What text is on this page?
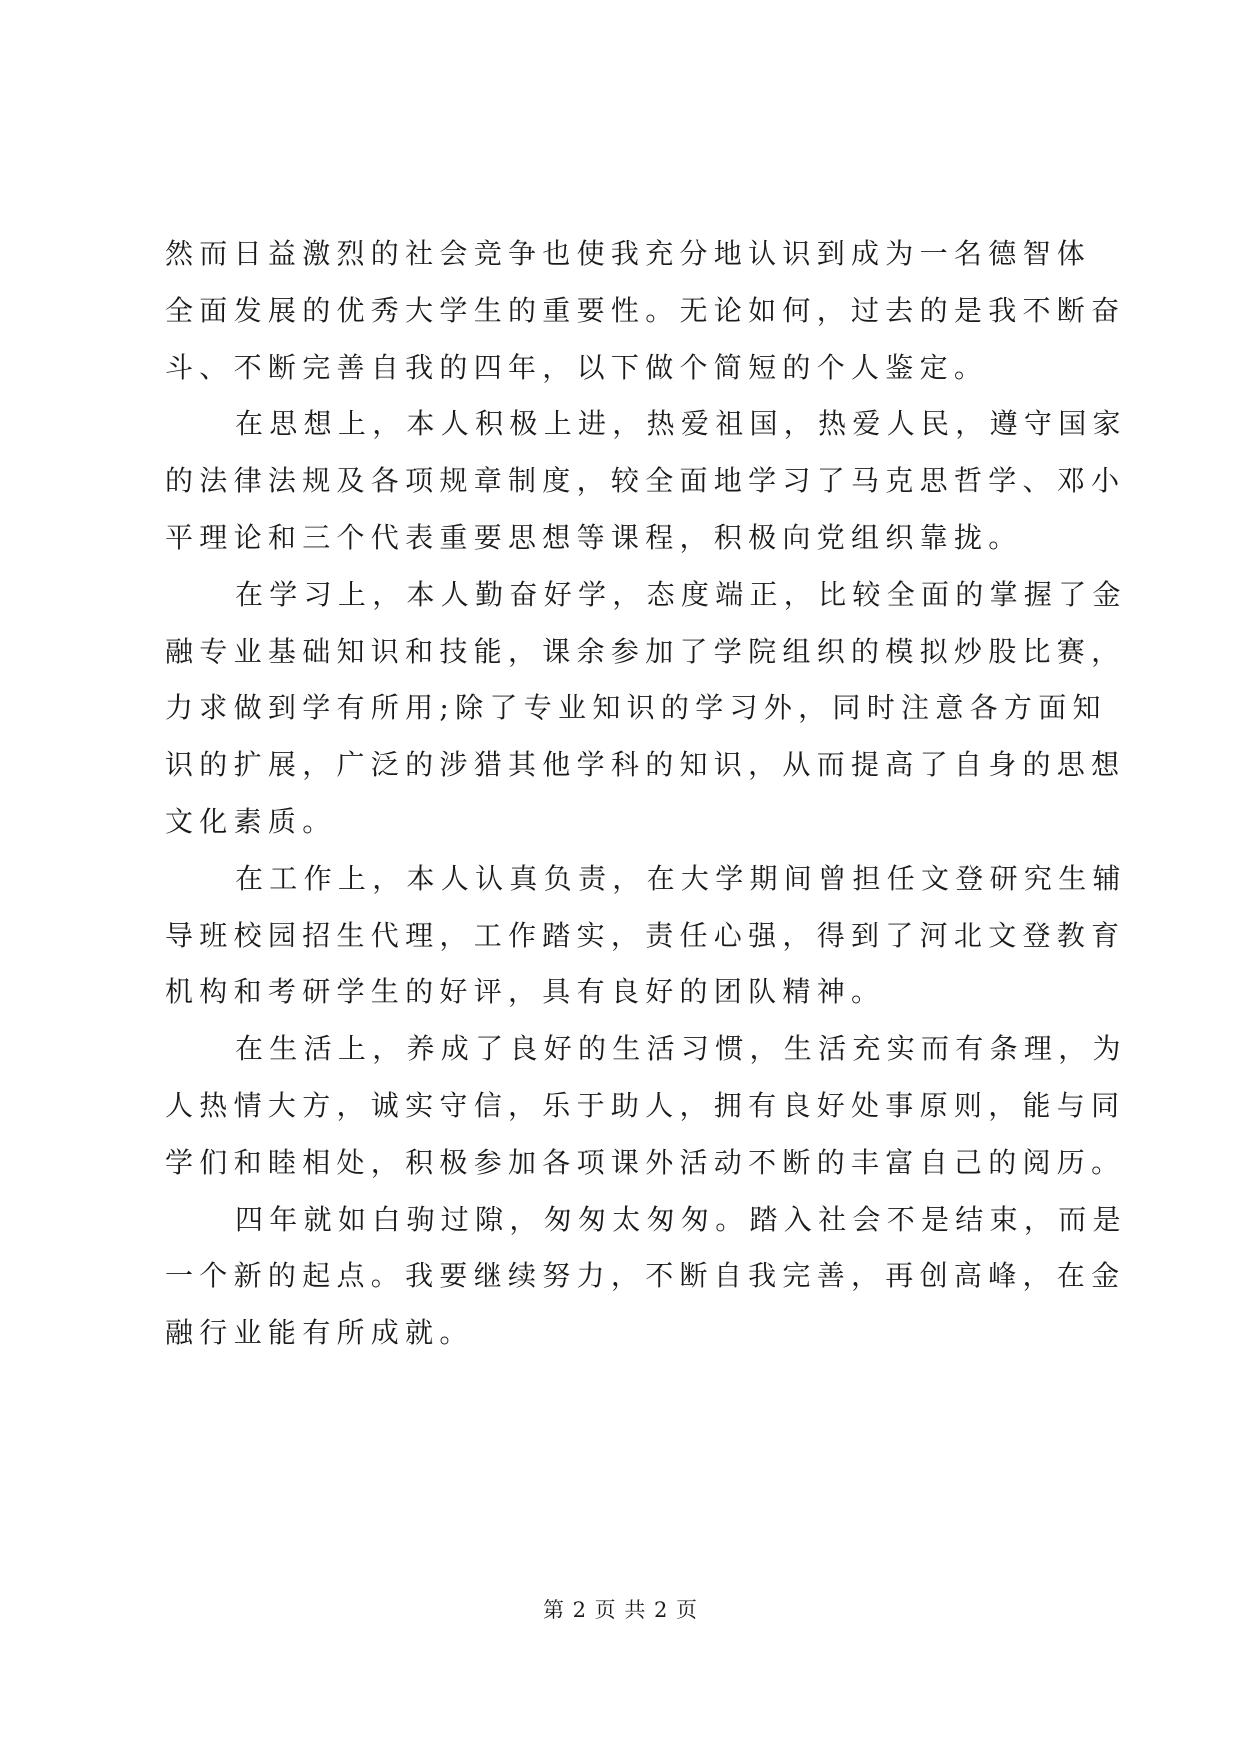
然而日益激烈的社会竞争也使我充分地认识到成为一名德智体
全面发展的优秀大学生的重要性。无论如何，过去的是我不断奋
斗、不断完善自我的四年，以下做个简短的个人鉴定。
在思想上，本人积极上进，热爱祖国，热爱人民，遵守国家
的法律法规及各项规章制度，较全面地学习了马克思哲学、邓小
平理论和三个代表重要思想等课程，积极向党组织靠拢。
在学习上，本人勤奋好学，态度端正，比较全面的掌握了金
融专业基础知识和技能，课余参加了学院组织的模拟炒股比赛，
力求做到学有所用;除了专业知识的学习外，同时注意各方面知
识的扩展，广泛的涉猎其他学科的知识，从而提高了自身的思想
文化素质。
在工作上，本人认真负责，在大学期间曾担任文登研究生辅
导班校园招生代理，工作踏实，责任心强，得到了河北文登教育
机构和考研学生的好评，具有良好的团队精神。
在生活上，养成了良好的生活习惯，生活充实而有条理，为
人热情大方，诚实守信，乐于助人，拥有良好处事原则，能与同
学们和睦相处，积极参加各项课外活动不断的丰富自己的阅历。
四年就如白驹过隙，匆匆太匆匆。踏入社会不是结束，而是
一个新的起点。我要继续努力，不断自我完善，再创高峰，在金
融行业能有所成就。
第 2 页 共 2 页
